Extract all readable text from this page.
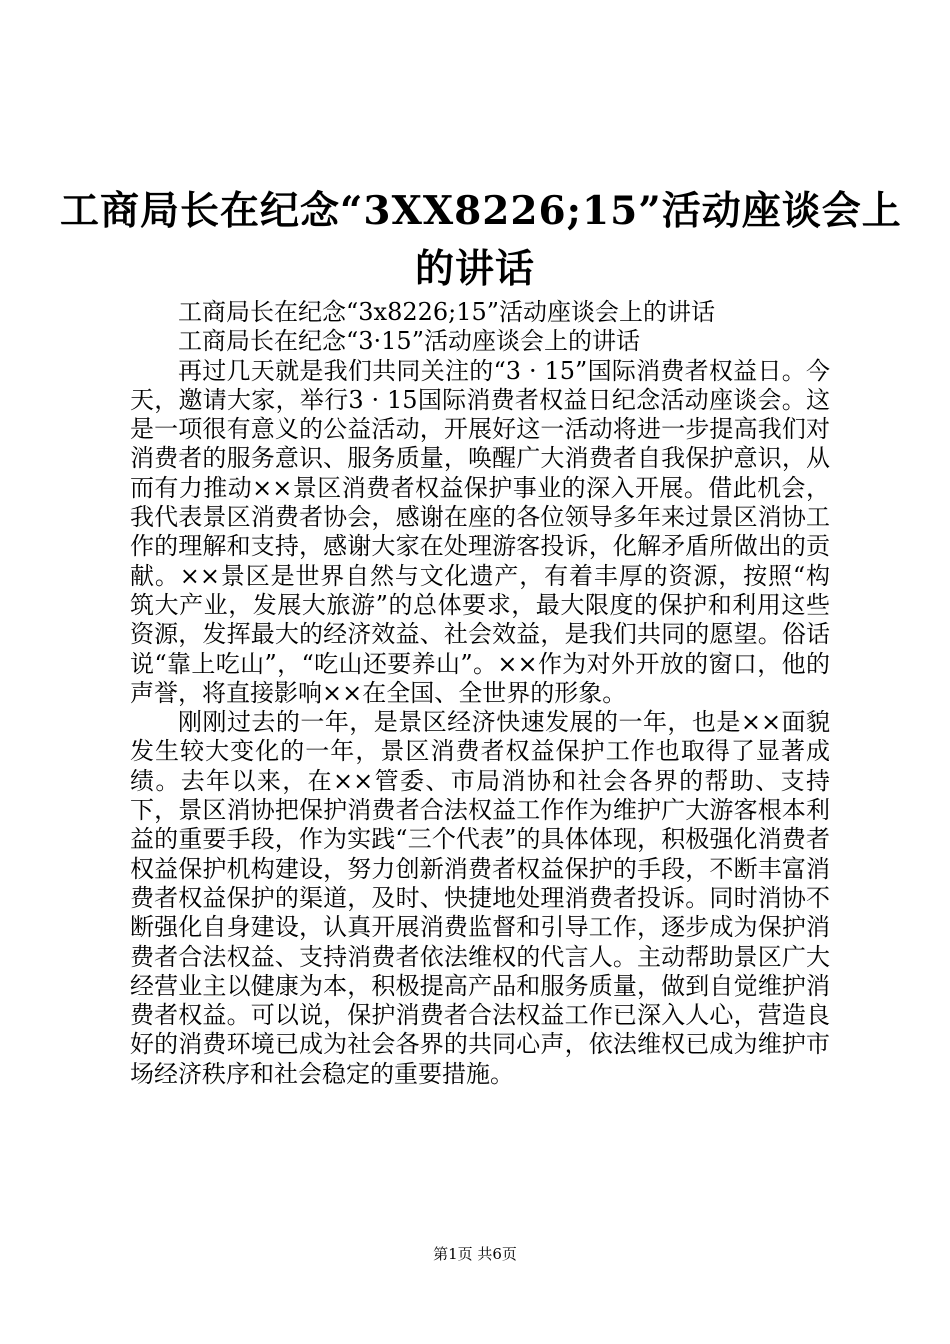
工商局长在纪念“3XX8226;15”活动座谈会上
的讲话

工商局长在纪念“3x8226;15”活动座谈会上的讲话

工商局长在纪念“3·15”活动座谈会上的讲话

再过几天就是我们共同关注的“3 · 15”国际消费者权益日。今天，邀请大家，举行3 · 15国际消费者权益日纪念活动座谈会。这是一项很有意义的公益活动，开展好这一活动将进一步提高我们对消费者的服务意识、服务质量，唤醒广大消费者自我保护意识，从而有力推动××景区消费者权益保护事业的深入开展。借此机会，我代表景区消费者协会，感谢在座的各位领导多年来过景区消协工作的理解和支持，感谢大家在处理游客投诉，化解矛盾所做出的贡献。××景区是世界自然与文化遗产，有着丰厚的资源，按照“构筑大产业，发展大旅游”的总体要求，最大限度的保护和利用这些资源，发挥最大的经济效益、社会效益，是我们共同的愿望。俗话说“靠上吃山”，“吃山还要养山”。××作为对外开放的窗口，他的声誉，将直接影响××在全国、全世界的形象。

刚刚过去的一年，是景区经济快速发展的一年，也是××面貌发生较大变化的一年，景区消费者权益保护工作也取得了显著成绩。去年以来，在××管委、市局消协和社会各界的帮助、支持下，景区消协把保护消费者合法权益工作作为维护广大游客根本利益的重要手段，作为实践“三个代表”的具体体现，积极强化消费者权益保护机构建设，努力创新消费者权益保护的手段，不断丰富消费者权益保护的渠道，及时、快捷地处理消费者投诉。同时消协不断强化自身建设，认真开展消费监督和引导工作，逐步成为保护消费者合法权益、支持消费者依法维权的代言人。主动帮助景区广大经营业主以健康为本，积极提高产品和服务质量，做到自觉维护消费者权益。可以说，保护消费者合法权益工作已深入人心，营造良好的消费环境已成为社会各界的共同心声，依法维权已成为维护市场经济秩序和社会稳定的重要措施。

第1页 共6页
